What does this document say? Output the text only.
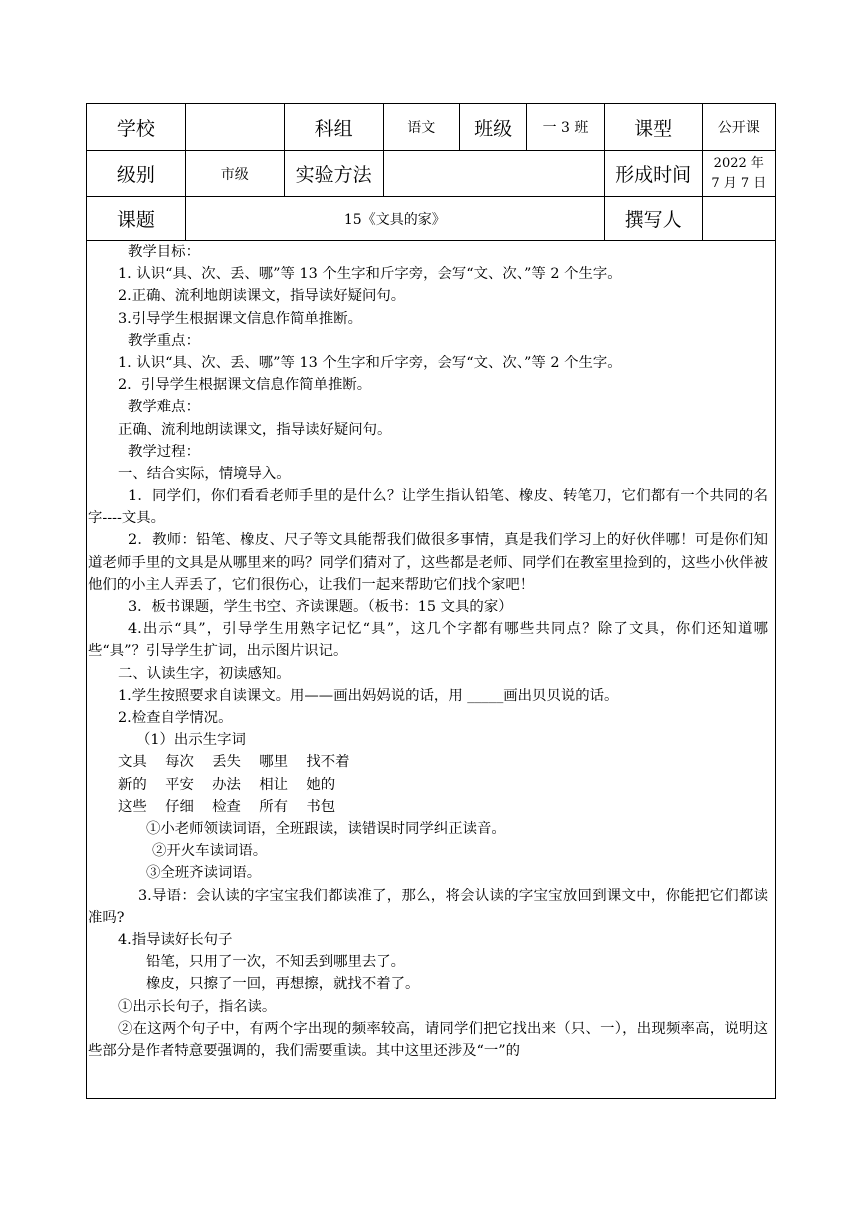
学校		科组	语文	班级	一 3 班	课型	公开课
级别	市级	实验方法				形成时间	2022 年
7 月 7 日

课题	15《文具的家》					撰写人	
教学目标：
1. 认识“具、次、丢、哪”等 13 个生字和斤字旁，会写“文、次、”等 2 个生字。
2.正确、流利地朗读课文，指导读好疑问句。
3.引导学生根据课文信息作简单推断。
教学重点：
1. 认识“具、次、丢、哪”等 13 个生字和斤字旁，会写“文、次、”等 2 个生字。
2.  引导学生根据课文信息作简单推断。
教学难点：
正确、流利地朗读课文，指导读好疑问句。
教学过程：
一、结合实际，情境导入。
1．同学们，你们看看老师手里的是什么？让学生指认铅笔、橡皮、转笔刀，它们都有一个共同的名字----文具。
2．教师：铅笔、橡皮、尺子等文具能帮我们做很多事情，真是我们学习上的好伙伴哪！可是你们知道老师手里的文具是从哪里来的吗？同学们猜对了，这些都是老师、同学们在教室里捡到的，这些小伙伴被他们的小主人弄丢了，它们很伤心，让我们一起来帮助它们找个家吧！
3．板书课题，学生书空、齐读课题。（板书：15 文具的家）
4.出示“具”，引导学生用熟字记忆“具”，这几个字都有哪些共同点？除了文具，你们还知道哪些“具”？引导学生扩词，出示图片识记。
二、认读生字，初读感知。
1.学生按照要求自读课文。用——画出妈妈说的话，用 _____画出贝贝说的话。
2.检查自学情况。
（1）出示生字词
文具    每次    丢失    哪里    找不着
新的    平安    办法    相让    她的
这些    仔细    检查    所有    书包
①小老师领读词语，全班跟读，读错误时同学纠正读音。
②开火车读词语。
③全班齐读词语。
3.导语：会认读的字宝宝我们都读准了，那么，将会认读的字宝宝放回到课文中，你能把它们都读准吗?
4.指导读好长句子
铅笔，只用了一次，不知丢到哪里去了。
橡皮，只擦了一回，再想擦，就找不着了。
①出示长句子，指名读。
②在这两个句子中，有两个字出现的频率较高，请同学们把它找出来（只、一），出现频率高，说明这些部分是作者特意要强调的，我们需要重读。其中这里还涉及“一”的
